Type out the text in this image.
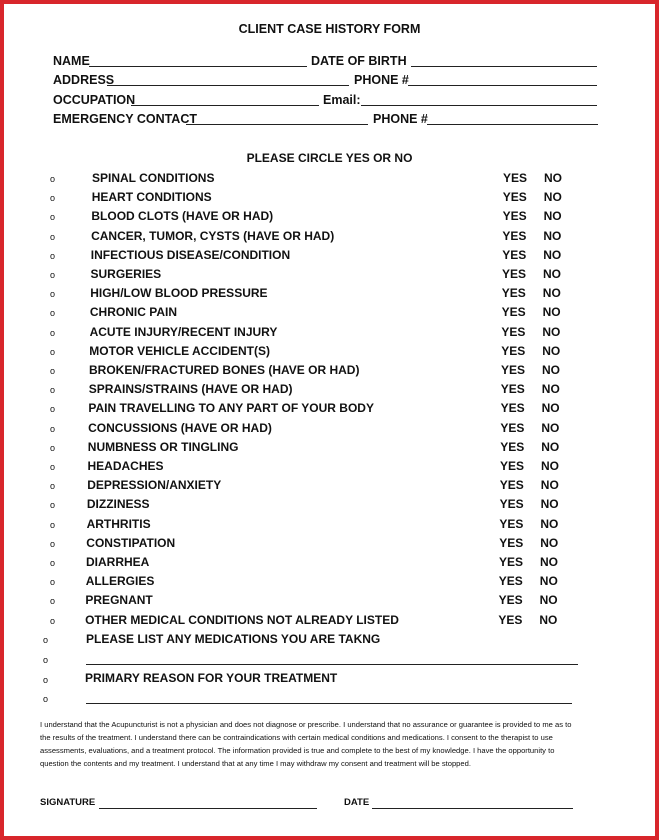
CLIENT CASE HISTORY FORM
NAME	DATE OF BIRTH
ADDRESS	PHONE #
OCCUPATION	Email:
EMERGENCY CONTACT	PHONE #
PLEASE CIRCLE YES OR NO
o	SPINAL CONDITIONS	YES NO
o	HEART CONDITIONS	YES NO
o	BLOOD CLOTS (HAVE OR HAD)	YES NO
o	CANCER, TUMOR, CYSTS (HAVE OR HAD)	YES NO
o	INFECTIOUS DISEASE/CONDITION	YES NO
o	SURGERIES	YES NO
o	HIGH/LOW BLOOD PRESSURE	YES NO
o	CHRONIC PAIN	YES NO
o	ACUTE INJURY/RECENT INJURY	YES NO
o	MOTOR VEHICLE ACCIDENT(S)	YES NO
o	BROKEN/FRACTURED BONES (HAVE OR HAD)	YES NO
o	SPRAINS/STRAINS (HAVE OR HAD)	YES NO
o	PAIN TRAVELLING TO ANY PART OF YOUR BODY	YES NO
o	CONCUSSIONS (HAVE OR HAD)	YES NO
o	NUMBNESS OR TINGLING	YES NO
o	HEADACHES	YES NO
o	DEPRESSION/ANXIETY	YES NO
o	DIZZINESS	YES NO
o	ARTHRITIS	YES NO
o	CONSTIPATION	YES NO
o	DIARRHEA	YES NO
o	ALLERGIES	YES NO
o	PREGNANT	YES NO
o	OTHER MEDICAL CONDITIONS NOT ALREADY LISTED	YES NO
o	PLEASE LIST ANY MEDICATIONS YOU ARE TAKNG
o
o	PRIMARY REASON FOR YOUR TREATMENT
o
I understand that the Acupuncturist is not a physician and does not diagnose or prescribe. I understand that no assurance or guarantee is provided to me as to the results of the treatment. I understand there can be contraindications with certain medical conditions and medications. I consent to the therapist to use assessments, evaluations, and a treatment protocol. The information provided is true and complete to the best of my knowledge. I have the opportunity to question the contents and my treatment. I understand that at any time I may withdraw my consent and treatment will be stopped.
SIGNATURE	DATE
